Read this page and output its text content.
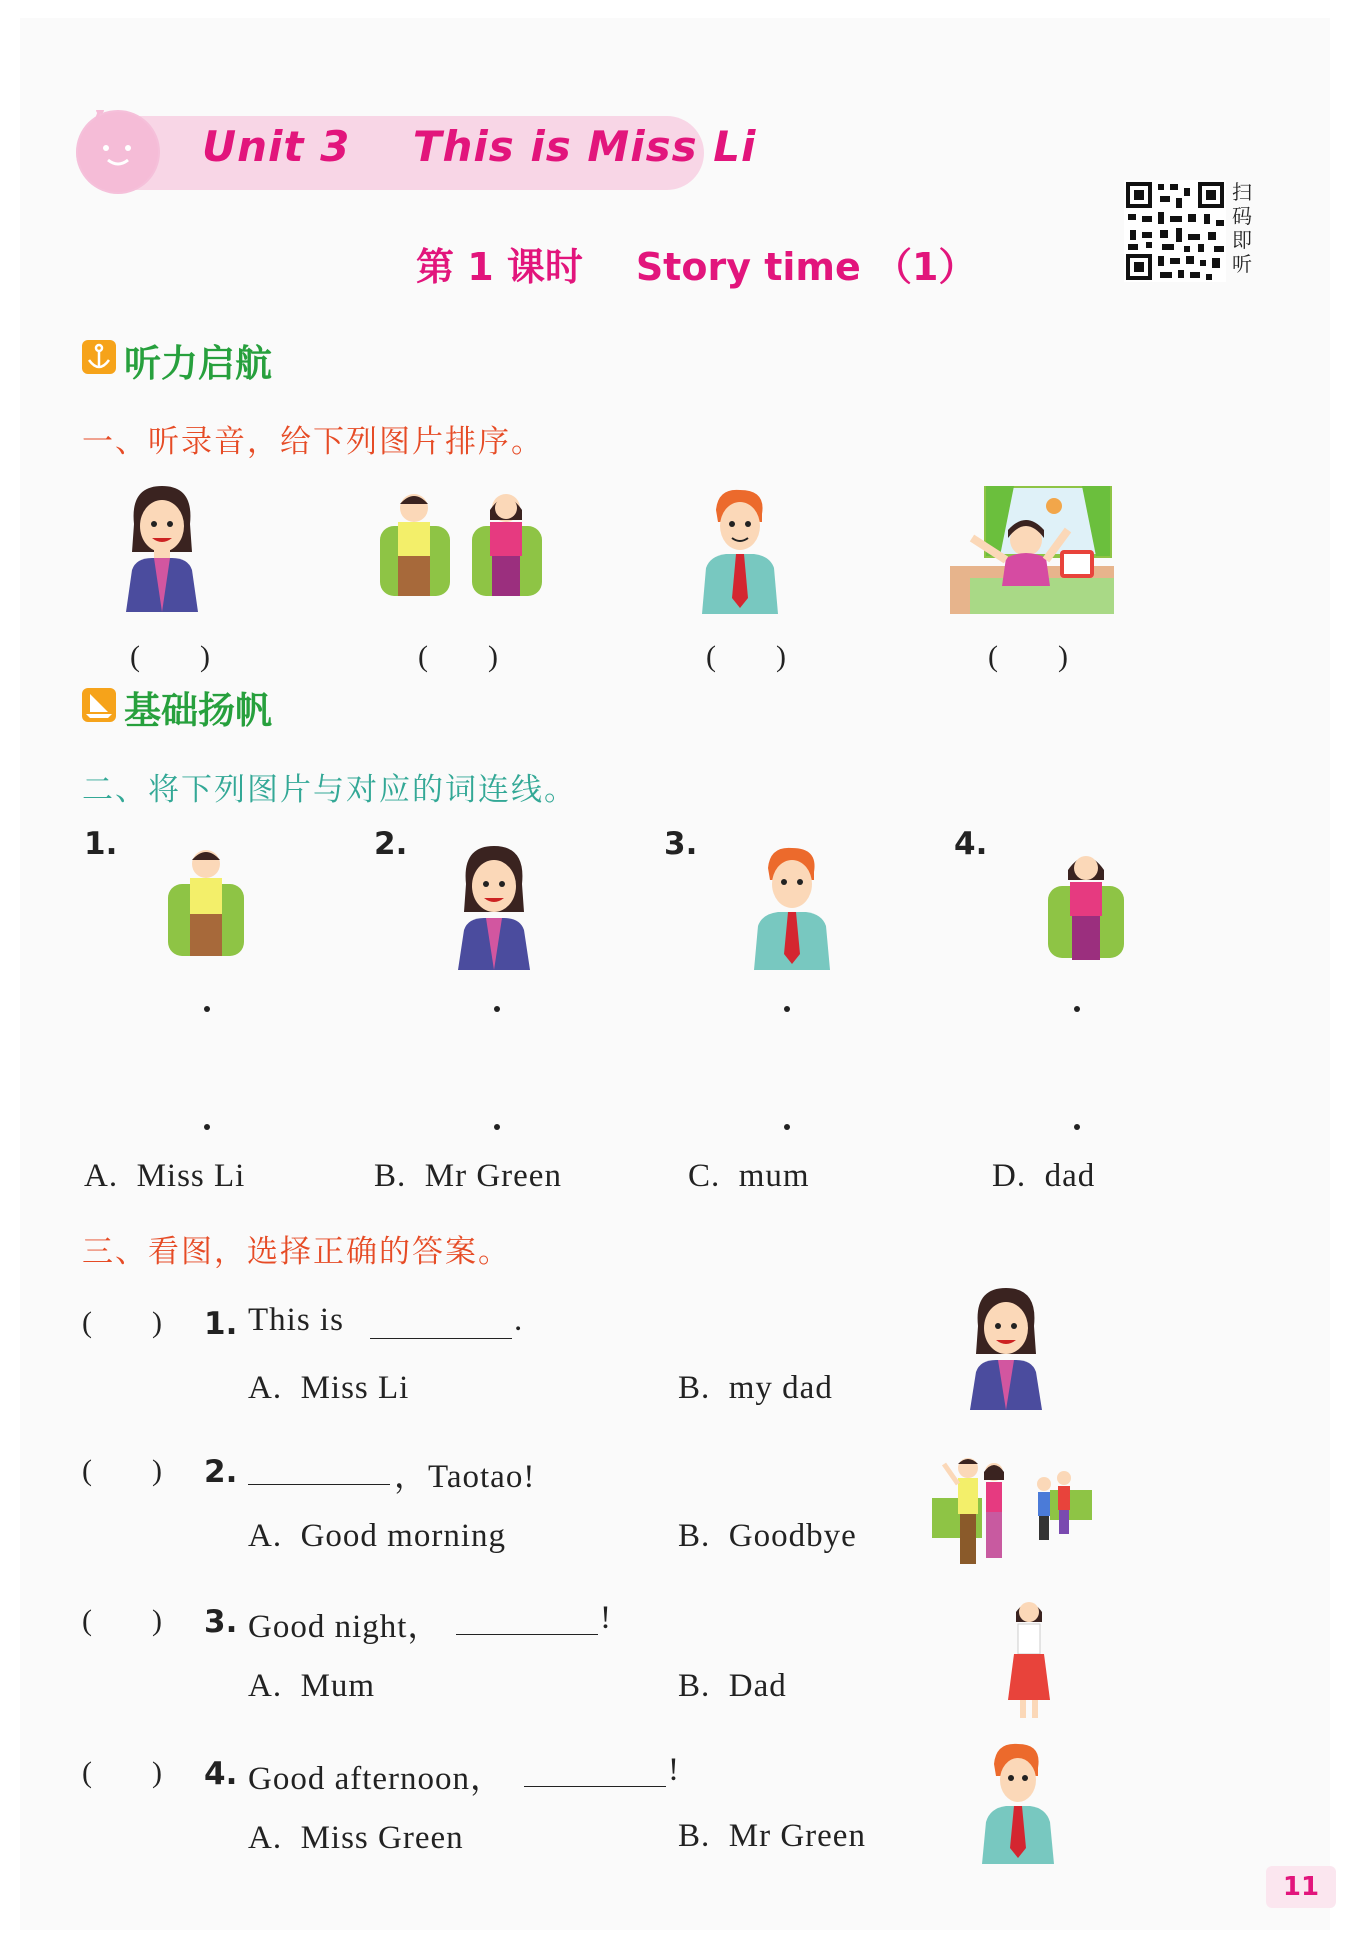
Unit 3    This is Miss Li
第 1 课时    Story time （1）
扫码即听
听力启航
一、听录音，给下列图片排序。
(        )	(        )	(        )	(        )
基础扬帆
二、将下列图片与对应的词连线。
1.	2.	3.	4.
A.  Miss Li	B.  Mr Green	C.  mum	D.  dad
三、看图，选择正确的答案。
(        ) 1. This is	.
A.  Miss Li	B.  my dad
(        ) 2.	，Taotao!
A.  Good morning	B.  Goodbye
(        ) 3. Good night，	!
A.  Mum	B.  Dad
(        ) 4. Good afternoon，	!
A.  Miss Green	B.  Mr Green
11
